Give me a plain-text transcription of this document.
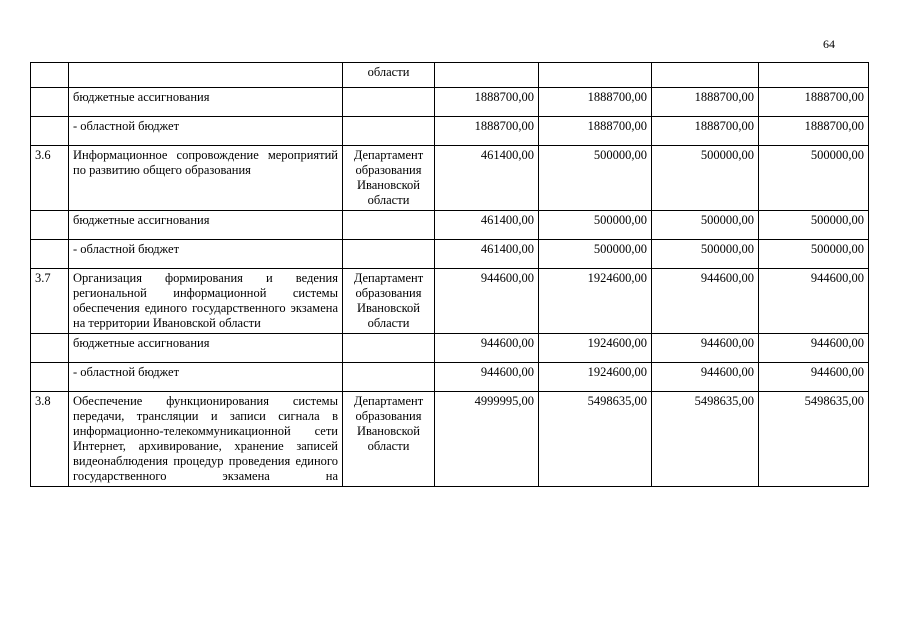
64
		области				
	бюджетные ассигнования		1888700,00	1888700,00	1888700,00	1888700,00
	- областной бюджет		1888700,00	1888700,00	1888700,00	1888700,00
3.6	Информационное сопровождение мероприятий по развитию общего образования	Департамент образования Ивановской области	461400,00	500000,00	500000,00	500000,00
	бюджетные ассигнования		461400,00	500000,00	500000,00	500000,00
	- областной бюджет		461400,00	500000,00	500000,00	500000,00
3.7	Организация формирования и ведения региональной информационной системы обеспечения единого государственного экзамена на территории Ивановской области	Департамент образования Ивановской области	944600,00	1924600,00	944600,00	944600,00
	бюджетные ассигнования		944600,00	1924600,00	944600,00	944600,00
	- областной бюджет		944600,00	1924600,00	944600,00	944600,00
3.8	Обеспечение функционирования системы передачи, трансляции и записи сигнала в информационно-телекоммуникационной сети Интернет, архивирование, хранение записей видеонаблюдения процедур проведения единого государственного экзамена на	Департамент образования Ивановской области	4999995,00	5498635,00	5498635,00	5498635,00
